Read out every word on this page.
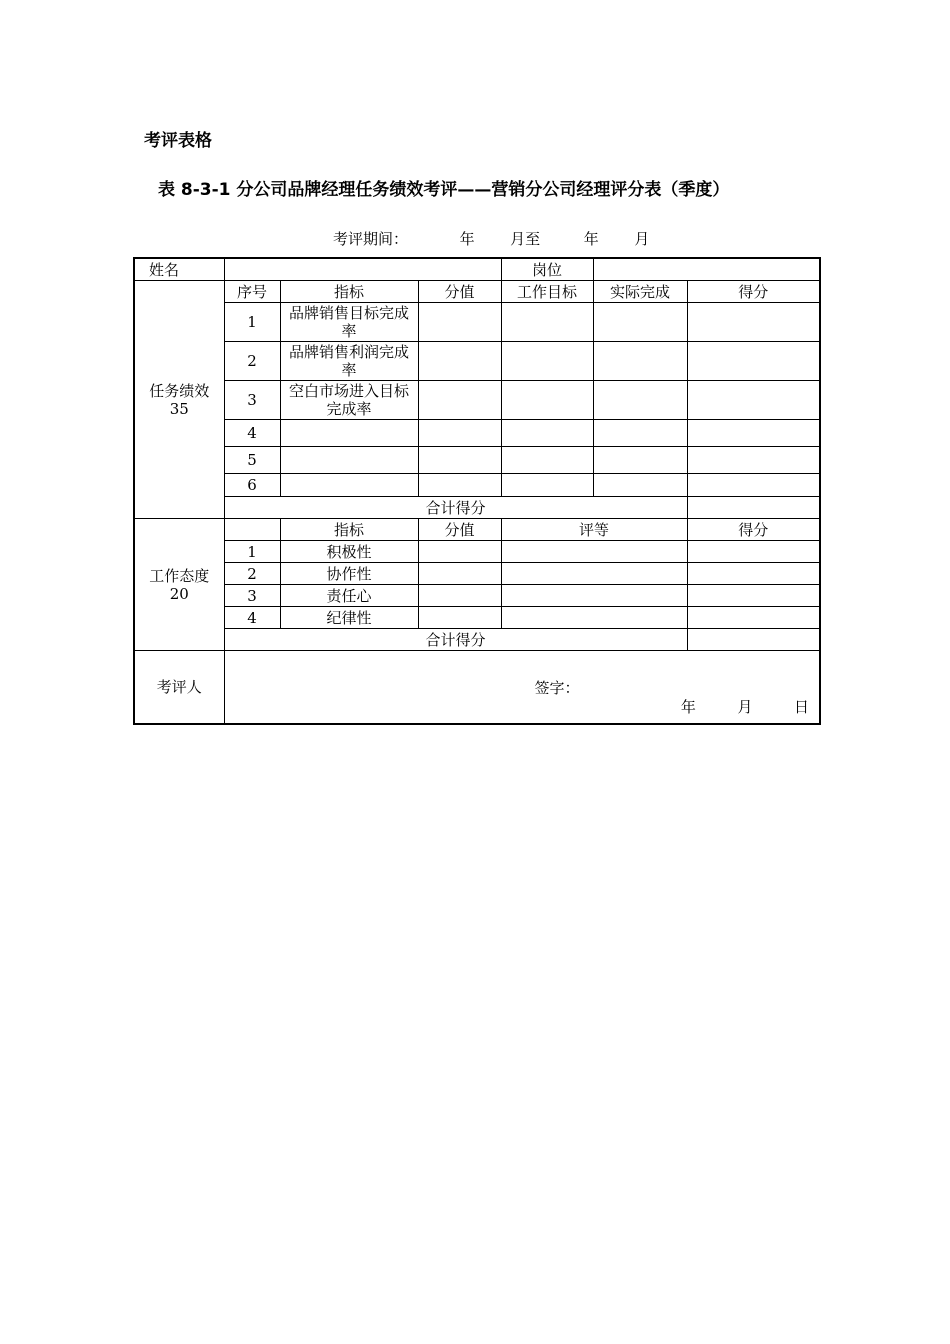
考评表格
表 8-3-1 分公司品牌经理任务绩效考评——营销分公司经理评分表（季度）
考评期间：	年 月至	年 月
姓名				岗位		

任务绩效
35	序号	指标	分值	工作目标	实际完成	得分
	1	品牌销售目标完成率				
	2	品牌销售利润完成率				
	3	空白市场进入目标完成率				
	4					
	5					
	6					
	合计得分					

工作态度
20		指标	分值	评等		得分
	1	积极性				
	2	协作性				
	3	责任心				
	4	纪律性				
	合计得分					
考评人	签字：
年 月 日					
